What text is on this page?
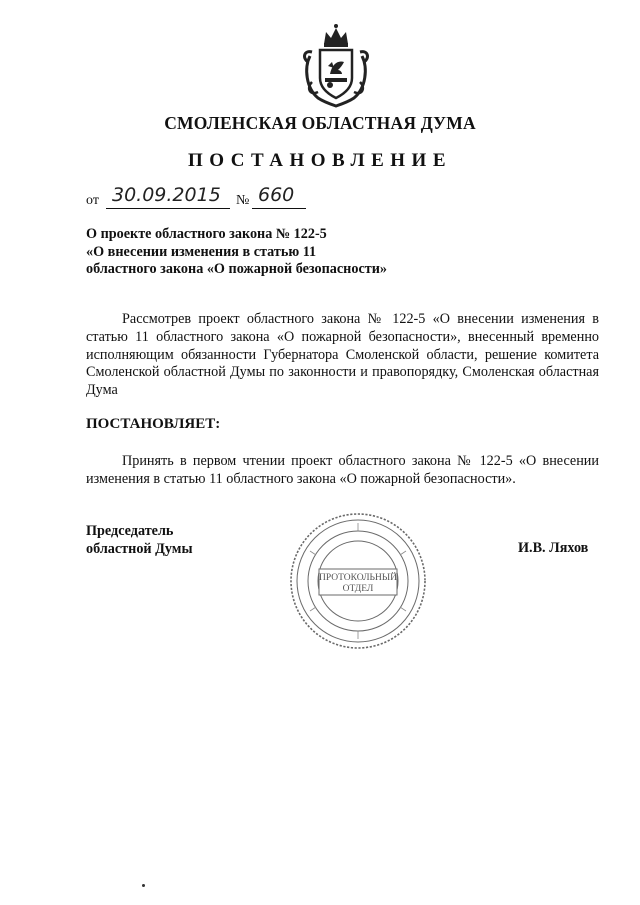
СМОЛЕНСКАЯ ОБЛАСТНАЯ ДУМА
ПОСТАНОВЛЕНИЕ
от 30.09.2015 № 660
О проекте областного закона № 122-5
«О внесении изменения в статью 11
областного закона «О пожарной безопасности»
Рассмотрев проект областного закона № 122-5 «О внесении изменения в статью 11 областного закона «О пожарной безопасности», внесенный временно исполняющим обязанности Губернатора Смоленской области, решение комитета Смоленской областной Думы по законности и правопорядку, Смоленская областная Дума
ПОСТАНОВЛЯЕТ:
Принять в первом чтении проект областного закона № 122-5 «О внесении изменения в статью 11 областного закона «О пожарной безопасности».
Председатель
областной Думы	И.В. Ляхов
ПРОТОКОЛЬНЫЙ
ОТДЕЛ
